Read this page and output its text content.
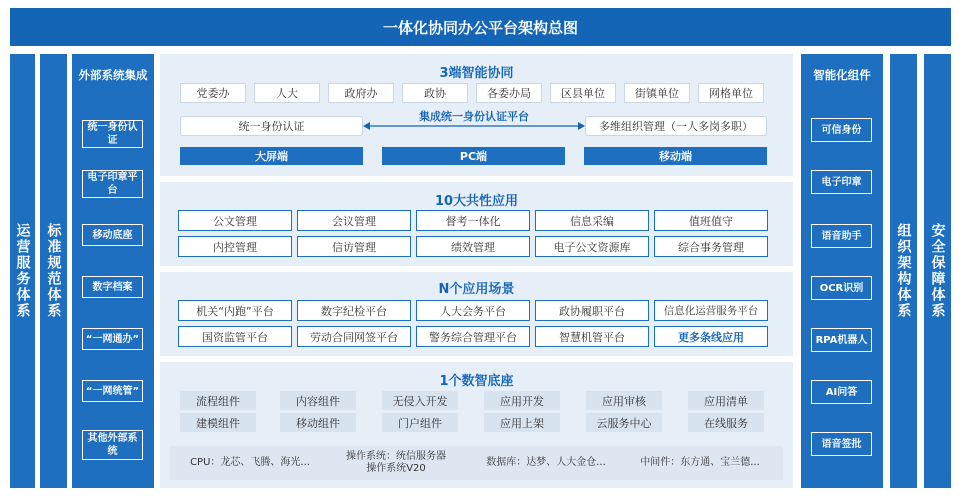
一体化协同办公平台架构总图
运营服务体系	标准规范体系
外部系统集成
统一身份认证
电子印章平台
移动底座
数字档案
“一网通办”
“一网统管”
其他外部系统
智能化组件
可信身份
电子印章
语音助手
OCR识别
RPA机器人
AI问答
语音签批
组织架构体系	安全保障体系
3端智能协同
党委办	人大	政府办	政协	各委办局	区县单位	街镇单位	网格单位
统一身份认证
集成统一身份认证平台
多维组织管理（一人多岗多职）
大屏端	PC端	移动端
10大共性应用
公文管理	会议管理	督考一体化	信息采编	值班值守
内控管理	信访管理	绩效管理	电子公文资源库	综合事务管理
N个应用场景
机关“内跑”平台	数字纪检平台	人大会务平台	政协履职平台	信息化运营服务平台
国资监管平台	劳动合同网签平台	警务综合管理平台	智慧机管平台	更多条线应用
1个数智底座
流程组件	内容组件	无侵入开发	应用开发	应用审核	应用清单
建模组件	移动组件	门户组件	应用上架	云服务中心	在线服务
CPU：龙芯、飞腾、海光...
操作系统：统信服务器
操作系统V20
数据库：达梦、人大金仓...	中间件：东方通、宝兰德...
